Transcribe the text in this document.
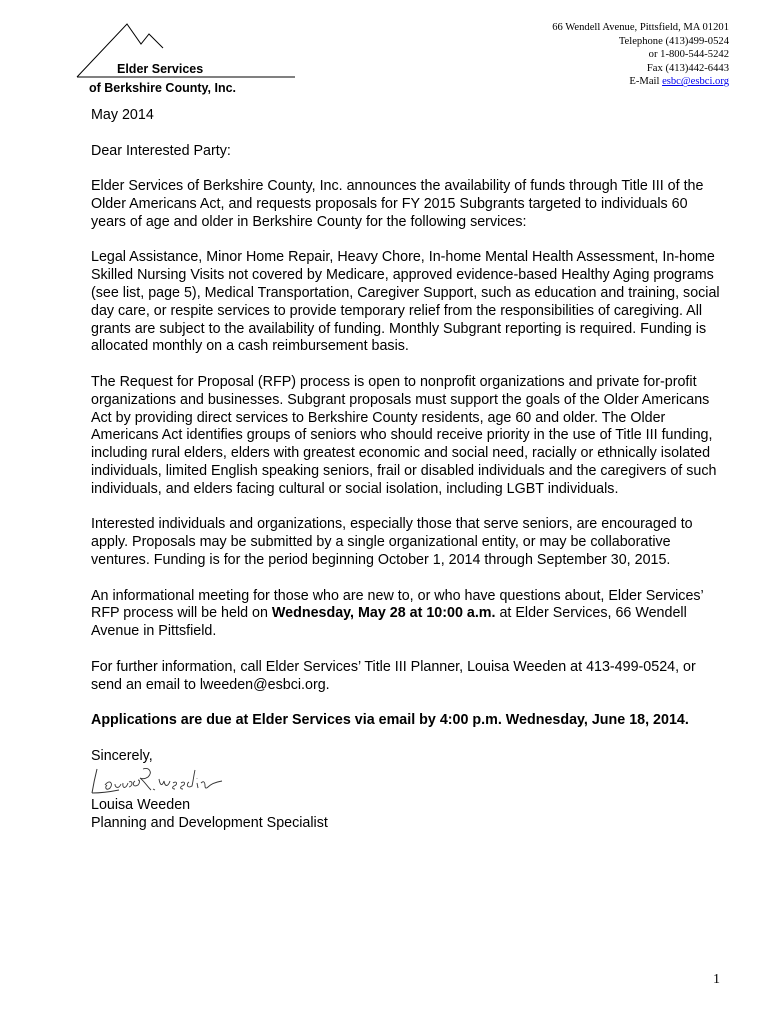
Elder Services
of Berkshire County, Inc.
66 Wendell Avenue, Pittsfield, MA 01201
Telephone (413)499-0524
or 1-800-544-5242
Fax (413)442-6443
E-Mail esbc@esbci.org

May 2014

Dear Interested Party:

Elder Services of Berkshire County, Inc. announces the availability of funds through Title III of the Older Americans Act, and requests proposals for FY 2015 Subgrants targeted to individuals 60 years of age and older in Berkshire County for the following services:

Legal Assistance, Minor Home Repair, Heavy Chore, In-home Mental Health Assessment, In-home Skilled Nursing Visits not covered by Medicare, approved evidence-based Healthy Aging programs (see list, page 5), Medical Transportation, Caregiver Support, such as education and training, social day care, or respite services to provide temporary relief from the responsibilities of caregiving. All grants are subject to the availability of funding. Monthly Subgrant reporting is required. Funding is allocated monthly on a cash reimbursement basis.

The Request for Proposal (RFP) process is open to nonprofit organizations and private for-profit organizations and businesses. Subgrant proposals must support the goals of the Older Americans Act by providing direct services to Berkshire County residents, age 60 and older. The Older Americans Act identifies groups of seniors who should receive priority in the use of Title III funding, including rural elders, elders with greatest economic and social need, racially or ethnically isolated individuals, limited English speaking seniors, frail or disabled individuals and the caregivers of such individuals, and elders facing cultural or social isolation, including LGBT individuals.

Interested individuals and organizations, especially those that serve seniors, are encouraged to apply. Proposals may be submitted by a single organizational entity, or may be collaborative ventures. Funding is for the period beginning October 1, 2014 through September 30, 2015.

An informational meeting for those who are new to, or who have questions about, Elder Services’ RFP process will be held on Wednesday, May 28 at 10:00 a.m. at Elder Services, 66 Wendell Avenue in Pittsfield.

For further information, call Elder Services’ Title III Planner, Louisa Weeden at 413-499-0524, or send an email to lweeden@esbci.org.

Applications are due at Elder Services via email by 4:00 p.m. Wednesday, June 18, 2014.

Sincerely,

Louisa Weeden
Planning and Development Specialist
1
